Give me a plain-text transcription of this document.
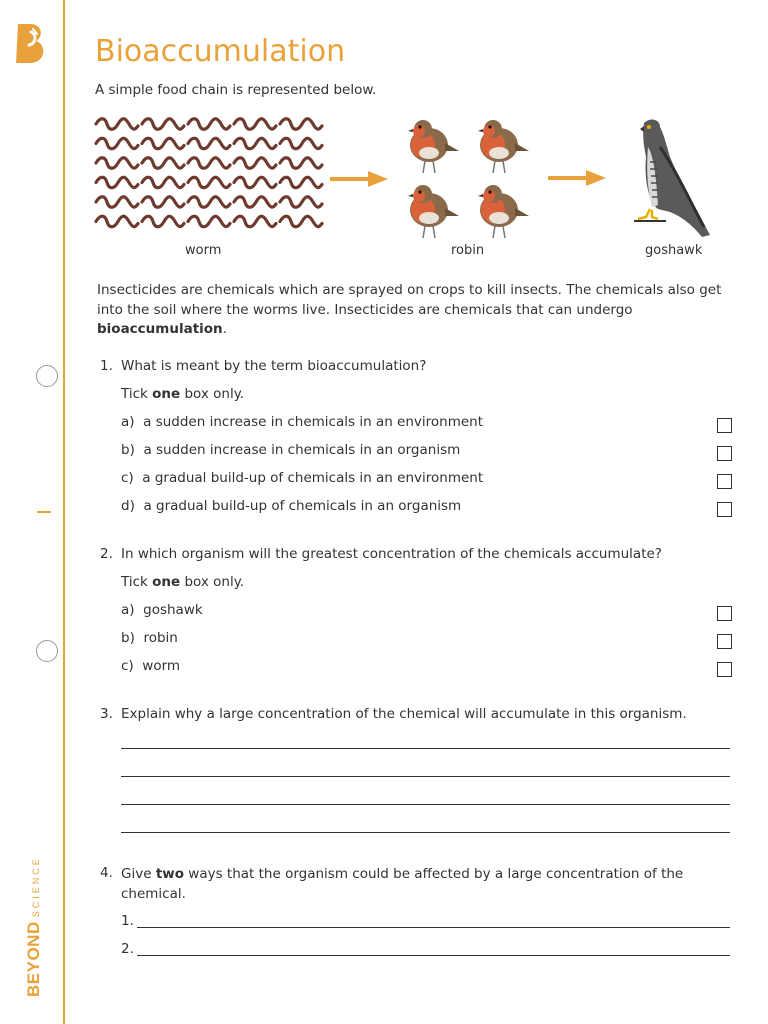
BEYONDSCIENCE
Bioaccumulation
A simple food chain is represented below.
worm	robin	goshawk
Insecticides are chemicals which are sprayed on crops to kill insects. The chemicals also get into the soil where the worms live. Insecticides are chemicals that can undergo bioaccumulation.
1. What is meant by the term bioaccumulation?
Tick one box only.
a) a sudden increase in chemicals in an environment
b) a sudden increase in chemicals in an organism
c) a gradual build-up of chemicals in an environment
d) a gradual build-up of chemicals in an organism
2. In which organism will the greatest concentration of the chemicals accumulate?
Tick one box only.
a) goshawk
b) robin
c) worm
3. Explain why a large concentration of the chemical will accumulate in this organism.
4. Give two ways that the organism could be affected by a large concentration of the
chemical.
1.
2.
